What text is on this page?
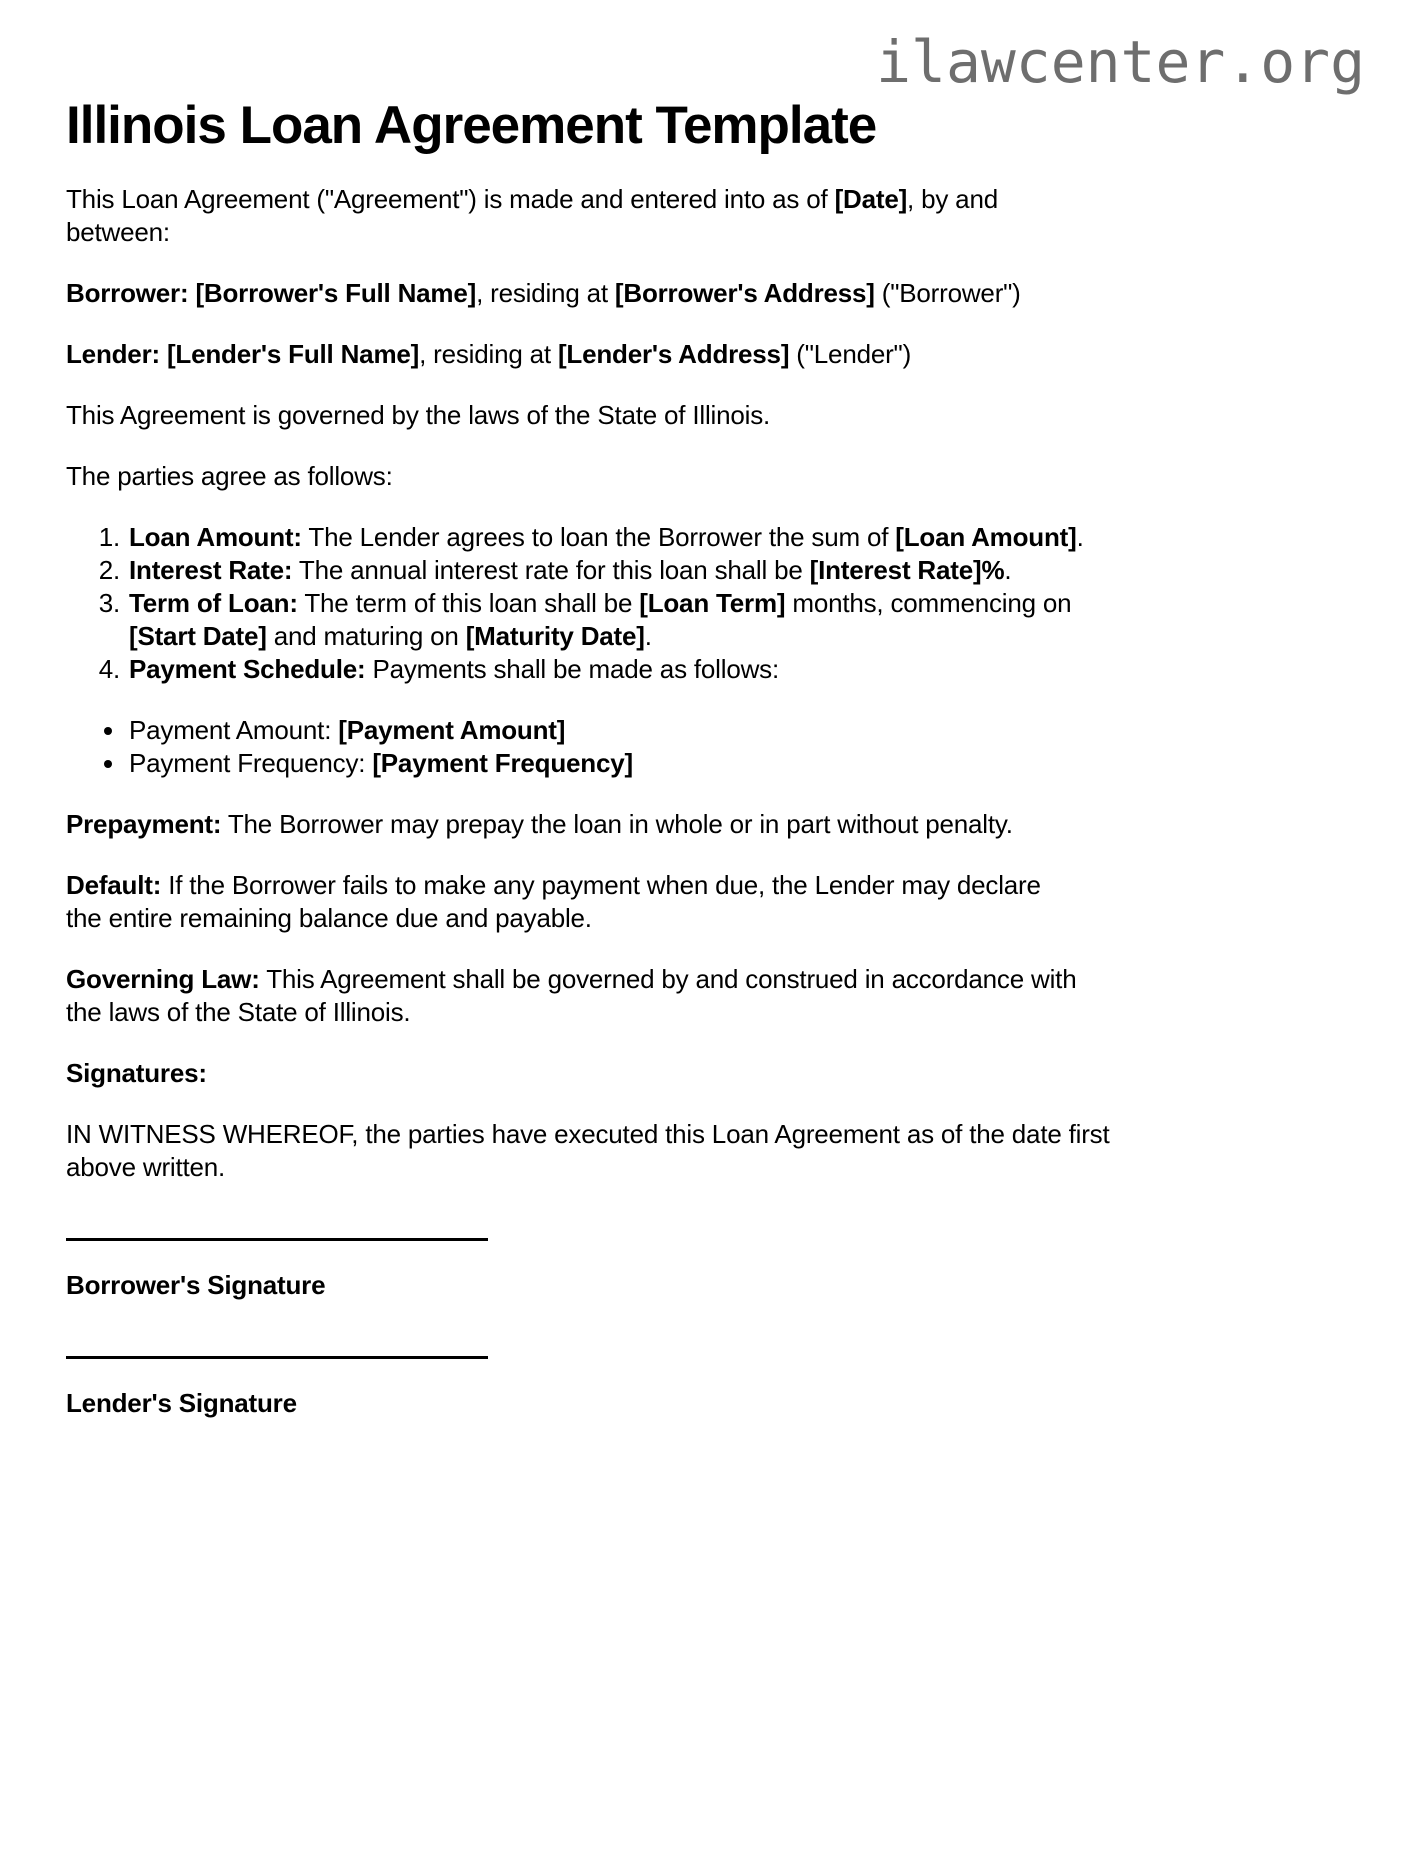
ilawcenter.org
Illinois Loan Agreement Template

This Loan Agreement ("Agreement") is made and entered into as of [Date], by and
between:

Borrower: [Borrower's Full Name], residing at [Borrower's Address] ("Borrower")

Lender: [Lender's Full Name], residing at [Lender's Address] ("Lender")

This Agreement is governed by the laws of the State of Illinois.

The parties agree as follows:

1. Loan Amount: The Lender agrees to loan the Borrower the sum of [Loan Amount].
2. Interest Rate: The annual interest rate for this loan shall be [Interest Rate]%.
3. Term of Loan: The term of this loan shall be [Loan Term] months, commencing on
[Start Date] and maturing on [Maturity Date].
4. Payment Schedule: Payments shall be made as follows:
• Payment Amount: [Payment Amount]
• Payment Frequency: [Payment Frequency]

Prepayment: The Borrower may prepay the loan in whole or in part without penalty.

Default: If the Borrower fails to make any payment when due, the Lender may declare
the entire remaining balance due and payable.

Governing Law: This Agreement shall be governed by and construed in accordance with
the laws of the State of Illinois.

Signatures:

IN WITNESS WHEREOF, the parties have executed this Loan Agreement as of the date first
above written.

Borrower's Signature

Lender's Signature
